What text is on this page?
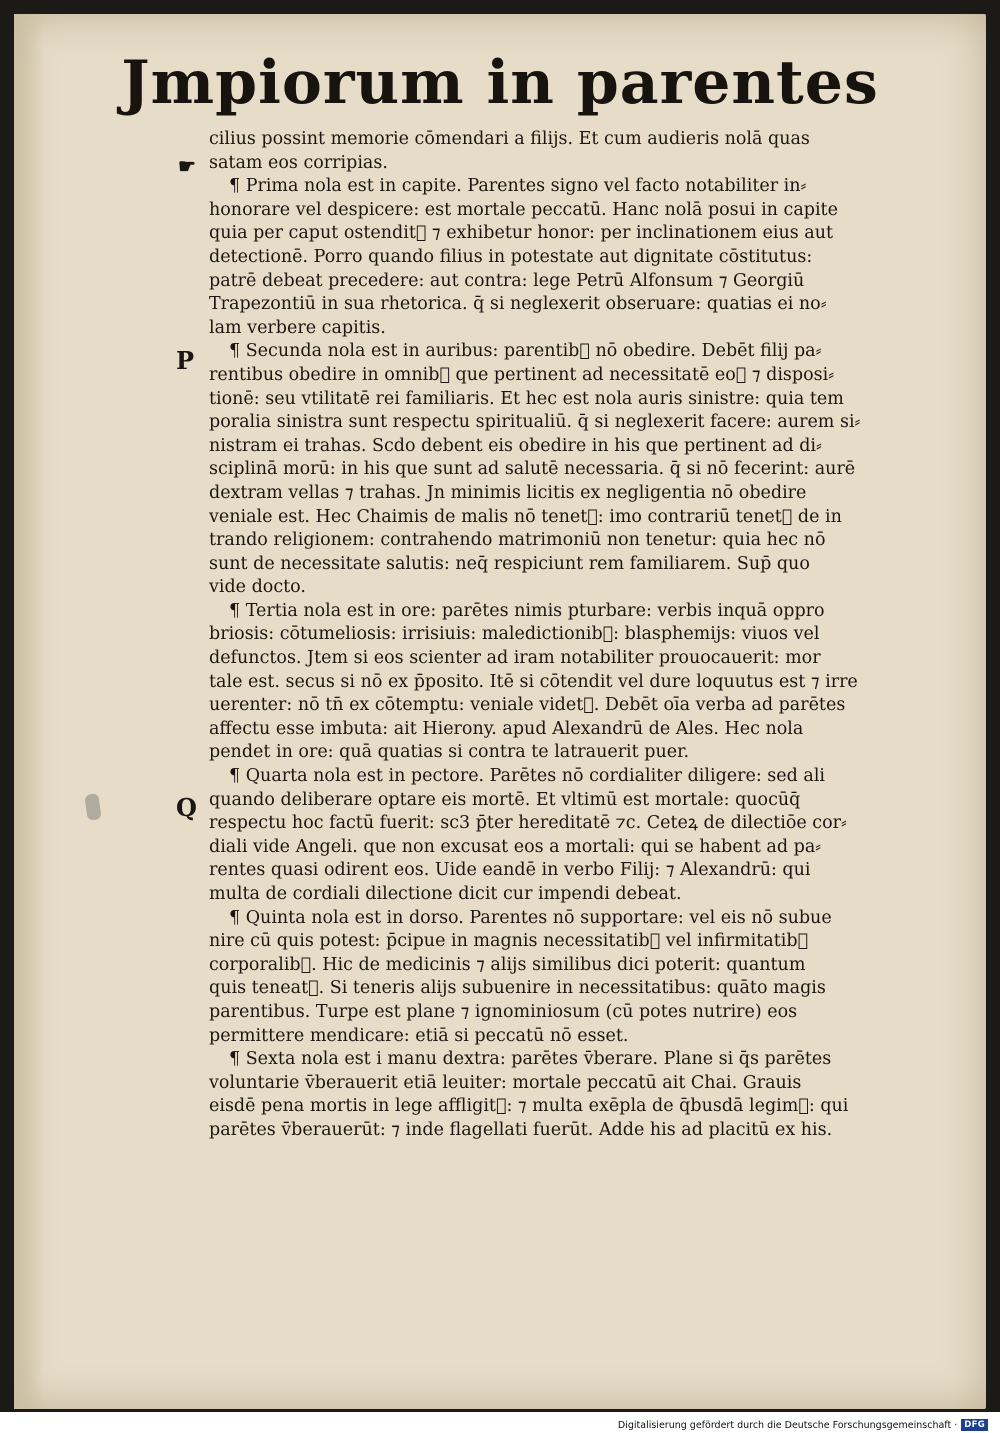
Jmpiorum in parentes
☛
P
Q
cilius possint memorie cōmendari a filijs. Et cum audieris nolā quas
satam eos corripias.
¶ Prima nola est in capite. Parentes signo vel facto notabiliter in⸗
honorare vel despicere: est mortale peccatū. Hanc nolā posui in capite
quia per caput ostendit᷑ ⁊ exhibetur honor: per inclinationem eius aut
detectionē. Porro quando filius in potestate aut dignitate cōstitutus:
patrē debeat precedere: aut contra: lege Petrū Alfonsum ⁊ Georgiū
Trapezontiū in sua rhetorica. q̄ si neglexerit obseruare: quatias ei no⸗
lam verbere capitis.
¶ Secunda nola est in auribus: parentib᷒ nō obedire. Debēt filij pa⸗
rentibus obedire in omnib᷒ que pertinent ad necessitatē eoꝝ ⁊ disposi⸗
tionē: seu vtilitatē rei familiaris. Et hec est nola auris sinistre: quia tem
poralia sinistra sunt respectu spiritualiū. q̄ si neglexerit facere: aurem si⸗
nistram ei trahas. Scd̄o debent eis obedire in his que pertinent ad di⸗
sciplinā morū: in his que sunt ad salutē necessaria. q̄ si nō fecerint: aurē
dextram vellas ⁊ trahas. Jn minimis licitis ex negligentia nō obedire
veniale est. Hec Chaimis de malis nō tenet᷑: imo contrariū tenet᷑ de in
trando religionem: contrahendo matrimoniū non tenetur: quia hec nō
sunt de necessitate salutis: neq̄ respiciunt rem familiarem. Sup̄ quo
vide docto.
¶ Tertia nola est in ore: parētes nimis pturbare: verbis inquā oppro
briosis: cōtumeliosis: irrisiuis: maledictionib᷒: blasphemijs: viuos vel
defunctos. Jtem si eos scienter ad iram notabiliter prouocauerit: mor
tale est. secus si nō ex p̄posito. Itē si cōtendit vel dure loquutus est ⁊ irre
uerenter: nō tn̄ ex cōtemptu: veniale videt᷑. Debēt oīa verba ad parētes
affectu esse imbuta: ait Hierony. apud Alexandrū de Ales. Hec nola
pendet in ore: quā quatias si contra te latrauerit puer.
¶ Quarta nola est in pectore. Parētes nō cordialiter diligere: sed ali
quando deliberare optare eis mortē. Et vltimū est mortale: quocūq̄
respectu hoc factū fuerit: sc3 p̄ter hereditatē ⁊c. Ceteꝝ de dilectiōe cor⸗
diali vide Angeli. que non excusat eos a mortali: qui se habent ad pa⸗
rentes quasi odirent eos. Uide eandē in verbo Filij: ⁊ Alexandrū: qui
multa de cordiali dilectione dicit cur impendi debeat.
¶ Quinta nola est in dorso. Parentes nō supportare: vel eis nō subue
nire cū quis potest: p̄cipue in magnis necessitatib᷒ vel infirmitatib᷒
corporalib᷒. Hic de medicinis ⁊ alijs similibus dici poterit: quantum
quis teneat᷑. Si teneris alijs subuenire in necessitatibus: quāto magis
parentibus. Turpe est plane ⁊ ignominiosum (cū potes nutrire) eos
permittere mendicare: etiā si peccatū nō esset.
¶ Sexta nola est i manu dextra: parētes v̄berare. Plane si q̄s parētes
voluntarie v̄berauerit etiā leuiter: mortale peccatū ait Chai. Grauis
eisdē pena mortis in lege affligit᷑: ⁊ multa exēpla de q̄busdā legim᷒: qui
parētes v̄berauerūt: ⁊ inde flagellati fuerūt. Adde his ad placitū ex his.
Digitalisierung gefördert durch die Deutsche Forschungsgemeinschaft · DFG
